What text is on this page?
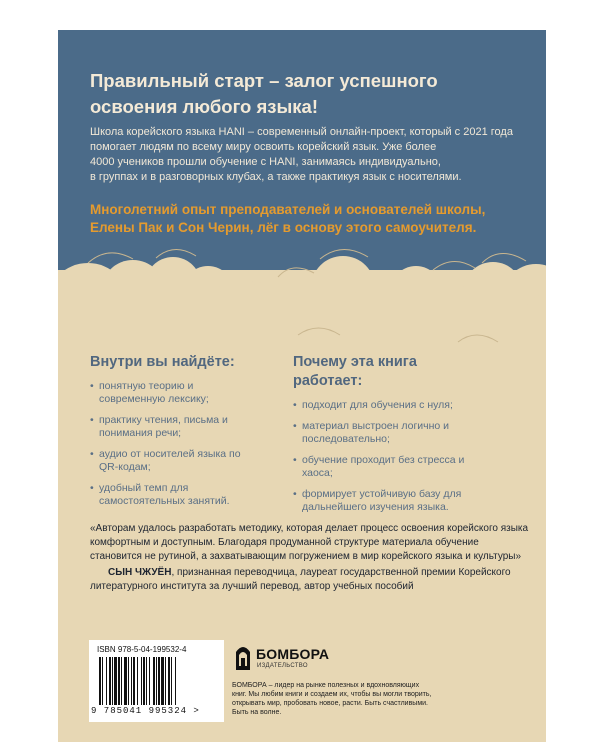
Правильный старт – залог успешного
освоения любого языка!
Школа корейского языка HANI – современный онлайн-проект, который с 2021 года
помогает людям по всему миру освоить корейский язык. Уже более
4000 учеников прошли обучение с HANI, занимаясь индивидуально,
в группах и в разговорных клубах, а также практикуя язык с носителями.
Многолетний опыт преподавателей и основателей школы,
Елены Пак и Сон Черин, лёг в основу этого самоучителя.
Внутри вы найдёте:
• понятную теорию и современную лексику;
• практику чтения, письма и понимания речи;
• аудио от носителей языка по QR-кодам;
• удобный темп для самостоятельных занятий.
Почему эта книга
работает:
• подходит для обучения с нуля;
• материал выстроен логично и последовательно;
• обучение проходит без стресса и хаоса;
• формирует устойчивую базу для дальнейшего изучения языка.
«Авторам удалось разработать методику, которая делает процесс освоения корейского языка комфортным и доступным. Благодаря продуманной структуре материала обучение становится не рутиной, а захватывающим погружением в мир корейского языка и культуры»
СЫН ЧЖУЁН, признанная переводчица, лауреат государственной премии Корейского литературного института за лучший перевод, автор учебных пособий
ISBN 978-5-04-199532-4
9 785041 995324 >
БОМБОРА
ИЗДАТЕЛЬСТВО
БОМБОРА – лидер на рынке полезных и вдохновляющих книг. Мы любим книги и создаем их, чтобы вы могли творить, открывать мир, пробовать новое, расти. Быть счастливыми. Быть на волне.
